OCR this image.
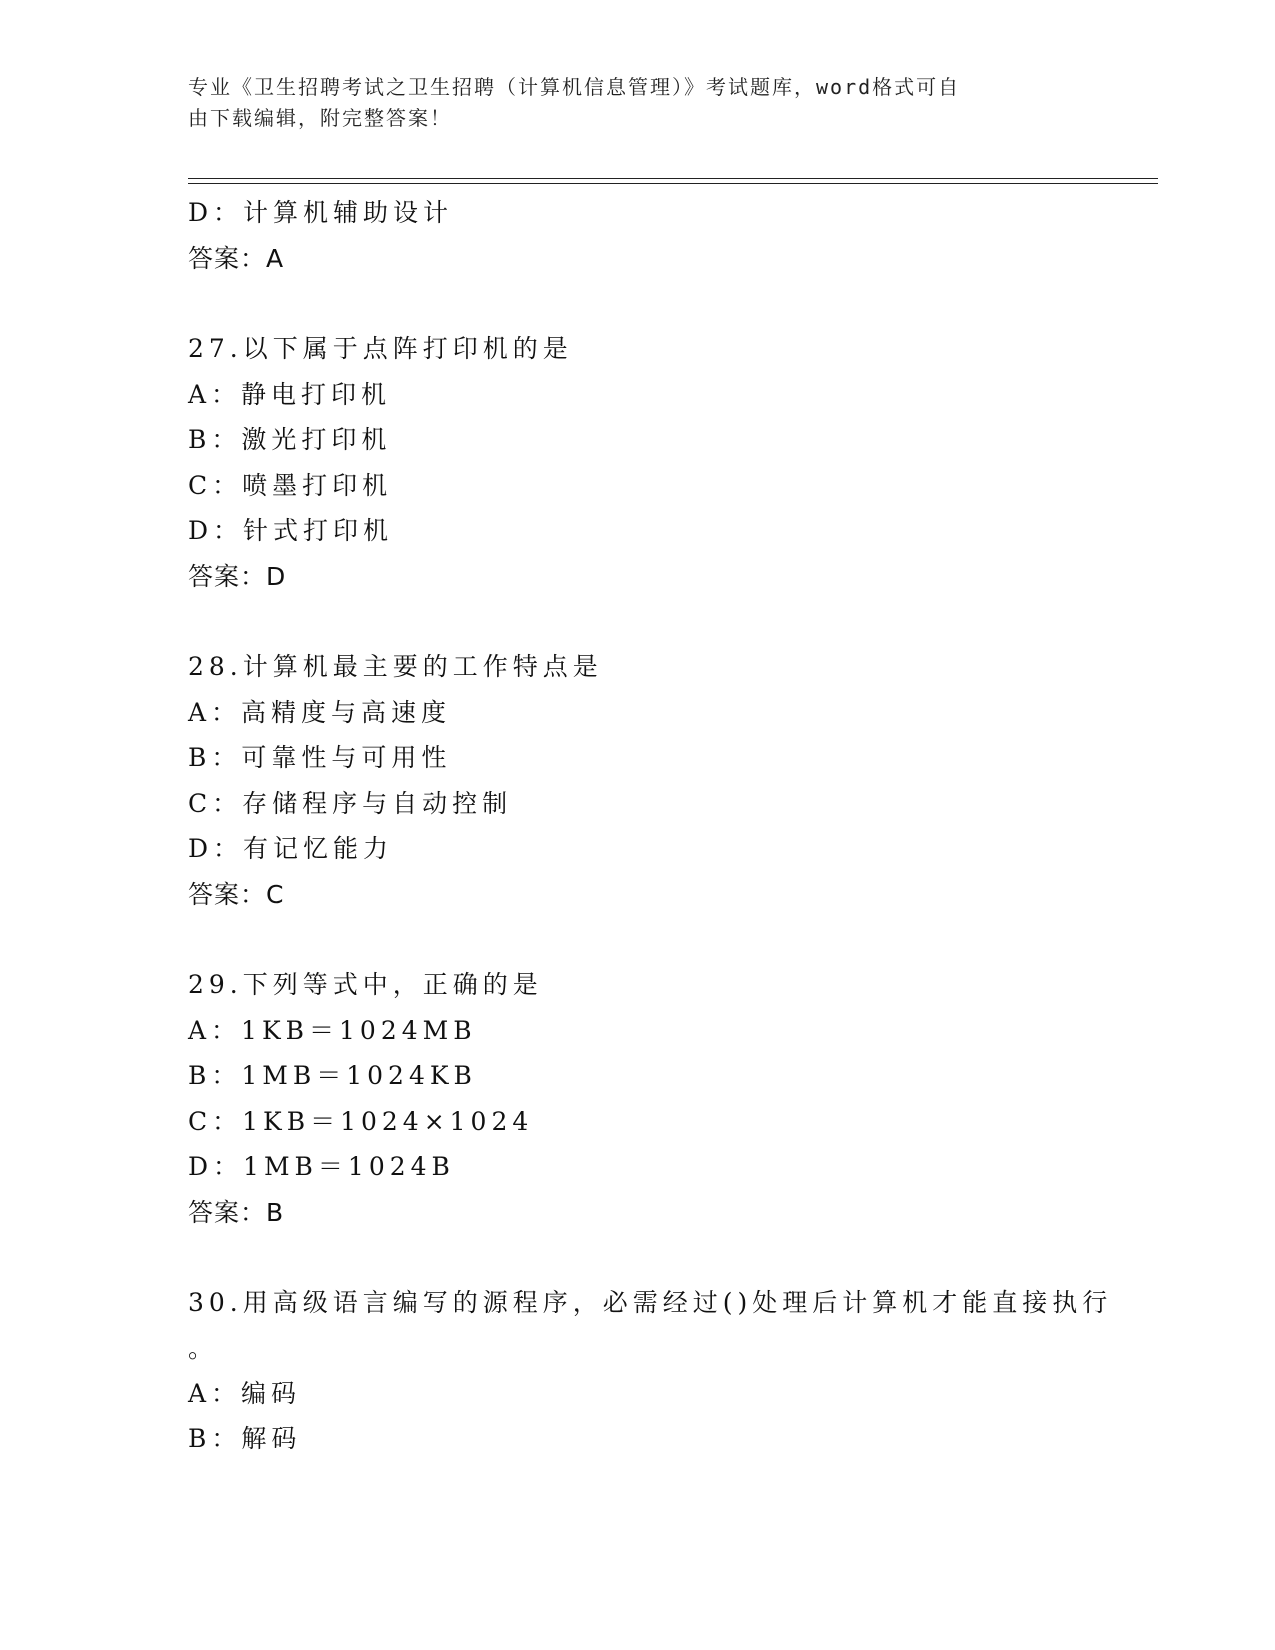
专业《卫生招聘考试之卫生招聘（计算机信息管理）》考试题库，word格式可自
由下载编辑，附完整答案！
D：计算机辅助设计
答案：A
27.以下属于点阵打印机的是
A：静电打印机
B：激光打印机
C：喷墨打印机
D：针式打印机
答案：D
28.计算机最主要的工作特点是
A：高精度与高速度
B：可靠性与可用性
C：存储程序与自动控制
D：有记忆能力
答案：C
29.下列等式中，正确的是
A：1KB＝1024MB
B：1MB＝1024KB
C：1KB＝1024×1024
D：1MB＝1024B
答案：B
30.用高级语言编写的源程序，必需经过()处理后计算机才能直接执行
。
A：编码
B：解码
